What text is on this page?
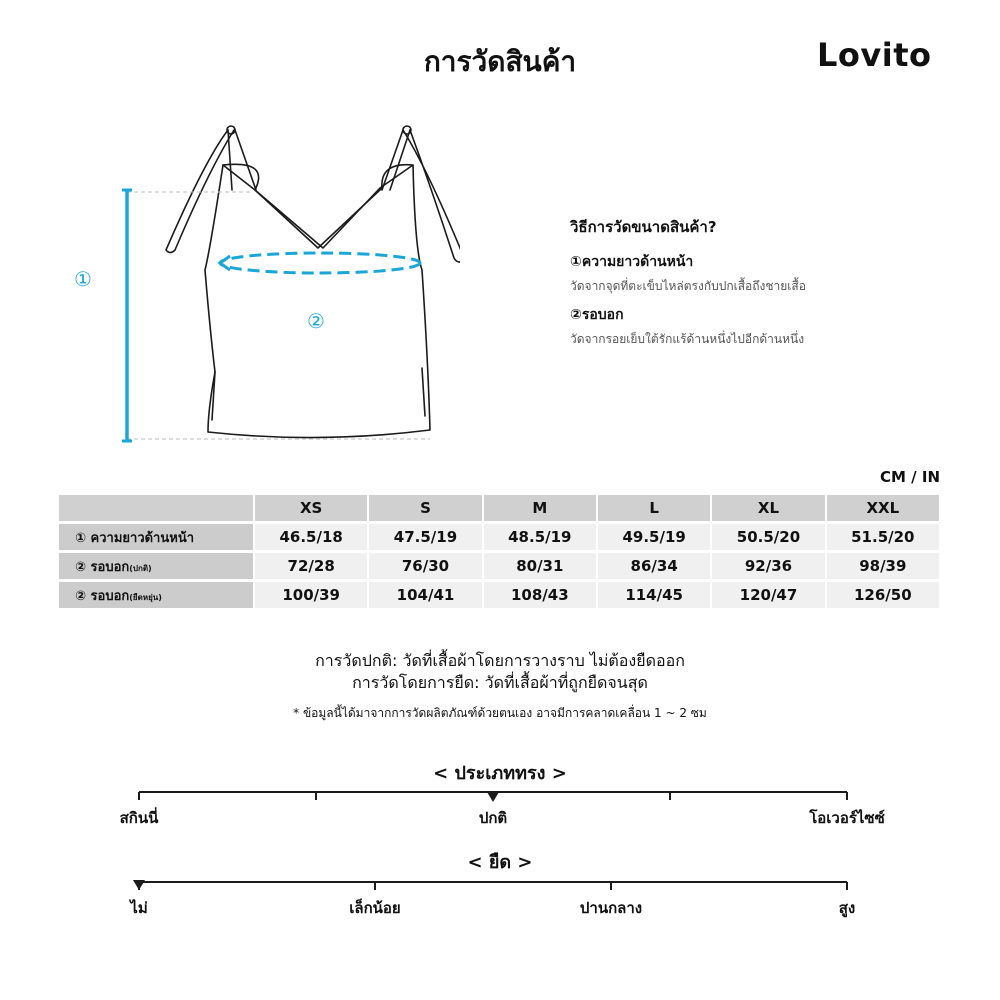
การวัดสินค้า	Lovito
①
②
วิธีการวัดขนาดสินค้า?
①ความยาวด้านหน้า
วัดจากจุดที่ตะเข็บไหล่ตรงกับปกเสื้อถึงชายเสื้อ
②รอบอก
วัดจากรอยเย็บใต้รักแร้ด้านหนึ่งไปอีกด้านหนึ่ง
CM / IN
	XS	S	M	L	XL	XXL
① ความยาวด้านหน้า	46.5/18	47.5/19	48.5/19	49.5/19	50.5/20	51.5/20
② รอบอก(ปกติ)	72/28	76/30	80/31	86/34	92/36	98/39
② รอบอก(ยืดหยุ่น)	100/39	104/41	108/43	114/45	120/47	126/50
การวัดปกติ: วัดที่เสื้อผ้าโดยการวางราบ ไม่ต้องยืดออก
การวัดโดยการยืด: วัดที่เสื้อผ้าที่ถูกยืดจนสุด
* ข้อมูลนี้ได้มาจากการวัดผลิตภัณฑ์ด้วยตนเอง อาจมีการคลาดเคลื่อน 1 ~ 2 ซม
< ประเภททรง >
สกินนี่	ปกติ	โอเวอร์ไซซ์
< ยืด >
ไม่	เล็กน้อย	ปานกลาง	สูง
